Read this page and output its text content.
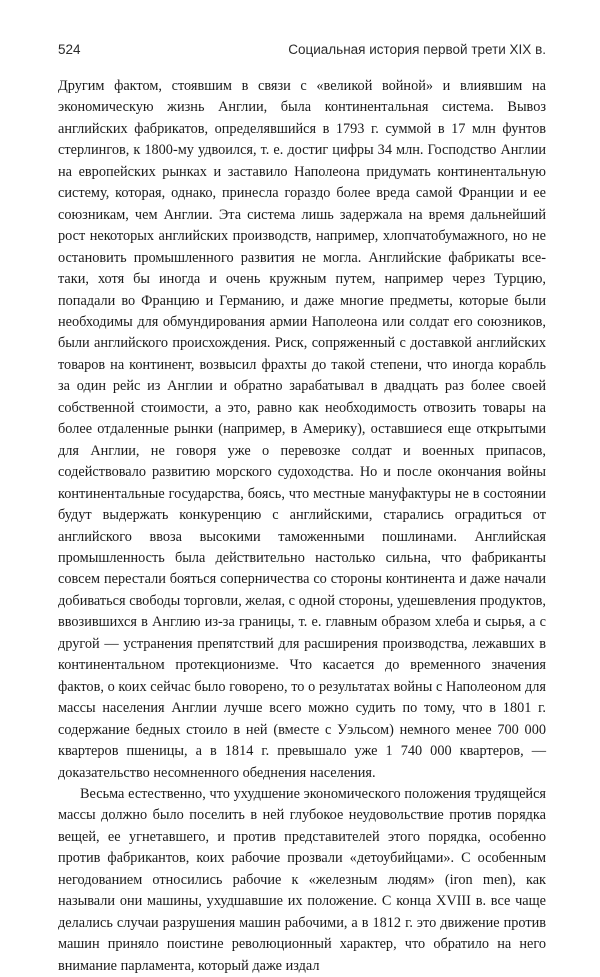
524	Социальная история первой трети XIX в.

Другим фактом, стоявшим в связи с «великой войной» и влиявшим на экономическую жизнь Англии, была континентальная система. Вывоз английских фабрикатов, определявшийся в 1793 г. суммой в 17 млн фунтов стерлингов, к 1800-му удвоился, т. е. достиг цифры 34 млн. Господство Англии на европейских рынках и заставило Наполеона придумать континентальную систему, которая, однако, принесла гораздо более вреда самой Франции и ее союзникам, чем Англии. Эта система лишь задержала на время дальнейший рост некоторых английских производств, например, хлопчатобумажного, но не остановить промышленного развития не могла. Английские фабрикаты все-таки, хотя бы иногда и очень кружным путем, например через Турцию, попадали во Францию и Германию, и даже многие предметы, которые были необходимы для обмундирования армии Наполеона или солдат его союзников, были английского происхождения. Риск, сопряженный с доставкой английских товаров на континент, возвысил фрахты до такой степени, что иногда корабль за один рейс из Англии и обратно зарабатывал в двадцать раз более своей собственной стоимости, а это, равно как необходимость отвозить товары на более отдаленные рынки (например, в Америку), оставшиеся еще открытыми для Англии, не говоря уже о перевозке солдат и военных припасов, содействовало развитию морского судоходства. Но и после окончания войны континентальные государства, боясь, что местные мануфактуры не в состоянии будут выдержать конкуренцию с английскими, старались оградиться от английского ввоза высокими таможенными пошлинами. Английская промышленность была действительно настолько сильна, что фабриканты совсем перестали бояться соперничества со стороны континента и даже начали добиваться свободы торговли, желая, с одной стороны, удешевления продуктов, ввозившихся в Англию из-за границы, т. е. главным образом хлеба и сырья, а с другой — устранения препятствий для расширения производства, лежавших в континентальном протекционизме. Что касается до временного значения фактов, о коих сейчас было говорено, то о результатах войны с Наполеоном для массы населения Англии лучше всего можно судить по тому, что в 1801 г. содержание бедных стоило в ней (вместе с Уэльсом) немного менее 700 000 квартеров пшеницы, а в 1814 г. превышало уже 1 740 000 квартеров, — доказательство несомненного обеднения населения.

Весьма естественно, что ухудшение экономического положения трудящейся массы должно было поселить в ней глубокое неудовольствие против порядка вещей, ее угнетавшего, и против представителей этого порядка, особенно против фабрикантов, коих рабочие прозвали «детоубийцами». С особенным негодованием относились рабочие к «железным людям» (iron men), как называли они машины, ухудшавшие их положение. С конца XVIII в. все чаще делались случаи разрушения машин рабочими, а в 1812 г. это движение против машин приняло поистине революционный характер, что обратило на него внимание парламента, который даже издал
